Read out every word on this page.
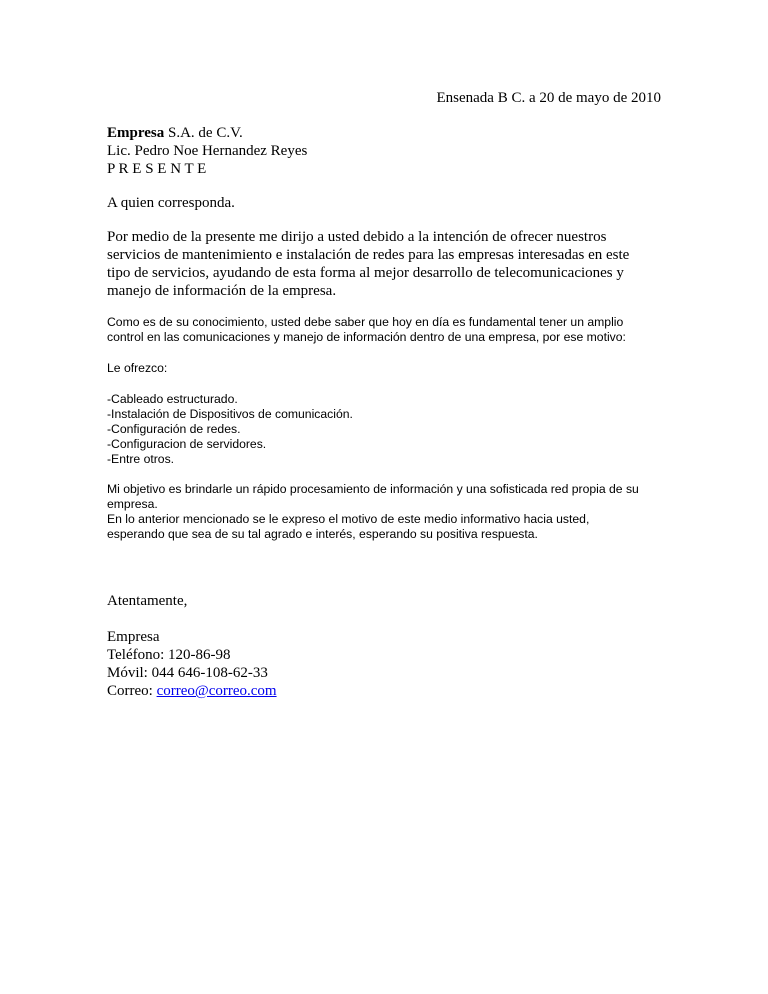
Ensenada B C. a 20 de mayo de 2010
Empresa S.A. de C.V.
Lic. Pedro Noe Hernandez Reyes
P R E S E N T E
A quien corresponda.
Por medio de la presente me dirijo a usted debido a la intención de ofrecer nuestros
servicios de mantenimiento e instalación de redes para las empresas interesadas en este
tipo de servicios, ayudando de esta forma al mejor desarrollo de telecomunicaciones y
manejo de información de la empresa.
Como es de su conocimiento, usted debe saber que hoy en día es fundamental tener un amplio
control en las comunicaciones y manejo de información dentro de una empresa, por ese motivo:
Le ofrezco:
-Cableado estructurado.
-Instalación de Dispositivos de comunicación.
-Configuración de redes.
-Configuracion de servidores.
-Entre otros.
Mi objetivo es brindarle un rápido procesamiento de información y una sofisticada red propia de su
empresa.
En lo anterior mencionado se le expreso el motivo de este medio informativo hacia usted,
esperando que sea de su tal agrado e interés, esperando su positiva respuesta.
Atentamente,
Empresa
Teléfono: 120-86-98
Móvil: 044 646-108-62-33
Correo: correo@correo.com
